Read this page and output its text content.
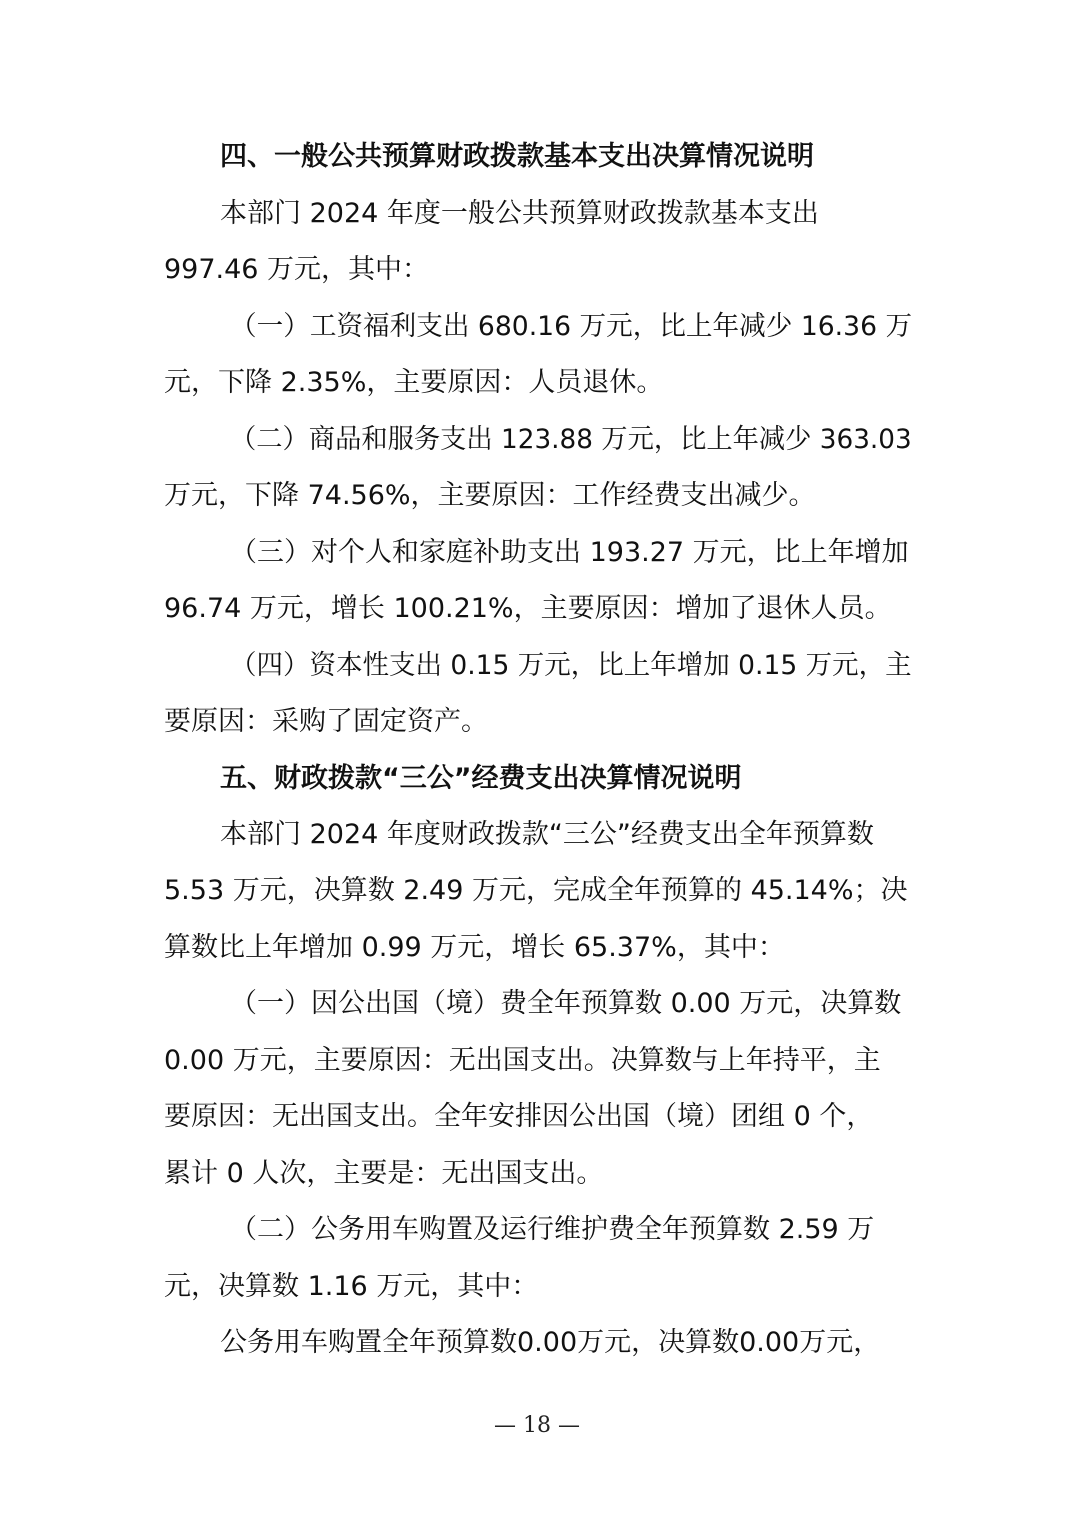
四、一般公共预算财政拨款基本支出决算情况说明
本部门 2024 年度一般公共预算财政拨款基本支出
997.46 万元，其中：
（一）工资福利支出 680.16 万元，比上年减少 16.36 万
元，下降 2.35%，主要原因：人员退休。
（二）商品和服务支出 123.88 万元，比上年减少 363.03
万元，下降 74.56%，主要原因：工作经费支出减少。
（三）对个人和家庭补助支出 193.27 万元，比上年增加
96.74 万元，增长 100.21%，主要原因：增加了退休人员。
（四）资本性支出 0.15 万元，比上年增加 0.15 万元，主
要原因：采购了固定资产。
五、财政拨款“三公”经费支出决算情况说明
本部门 2024 年度财政拨款“三公”经费支出全年预算数
5.53 万元，决算数 2.49 万元，完成全年预算的 45.14%；决
算数比上年增加 0.99 万元，增长 65.37%，其中：
（一）因公出国（境）费全年预算数 0.00 万元，决算数
0.00 万元，主要原因：无出国支出。决算数与上年持平，主
要原因：无出国支出。全年安排因公出国（境）团组 0 个，
累计 0 人次，主要是：无出国支出。
（二）公务用车购置及运行维护费全年预算数 2.59 万
元，决算数 1.16 万元，其中：
公务用车购置全年预算数0.00万元，决算数0.00万元，
— 18 —
